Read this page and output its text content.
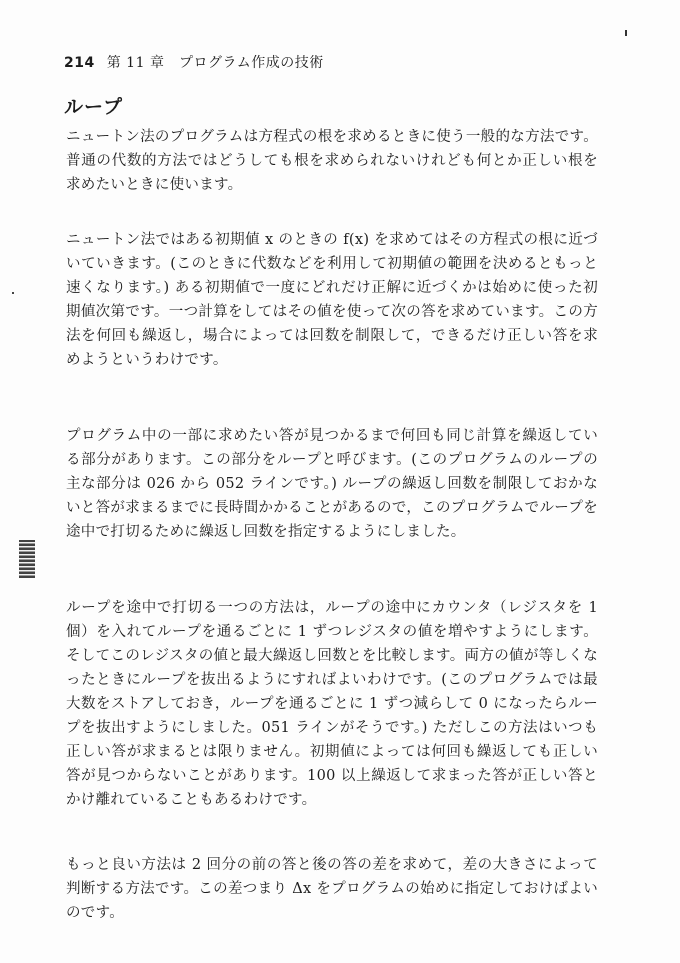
214 第 11 章　プログラム作成の技術
ループ

ニュートン法のプログラムは方程式の根を求めるときに使う一般的な方法です。普通の代数的方法ではどうしても根を求められないけれども何とか正しい根を求めたいときに使います。

ニュートン法ではある初期値 x のときの f(x) を求めてはその方程式の根に近づいていきます。(このときに代数などを利用して初期値の範囲を決めるともっと速くなります。) ある初期値で一度にどれだけ正解に近づくかは始めに使った初期値次第です。一つ計算をしてはその値を使って次の答を求めています。この方法を何回も繰返し，場合によっては回数を制限して，できるだけ正しい答を求めようというわけです。

プログラム中の一部に求めたい答が見つかるまで何回も同じ計算を繰返している部分があります。この部分をループと呼びます。(このプログラムのループの主な部分は 026 から 052 ラインです。) ループの繰返し回数を制限しておかないと答が求まるまでに長時間かかることがあるので，このプログラムでループを途中で打切るために繰返し回数を指定するようにしました。

ループを途中で打切る一つの方法は，ループの途中にカウンタ（レジスタを 1 個）を入れてループを通るごとに 1 ずつレジスタの値を増やすようにします。そしてこのレジスタの値と最大繰返し回数とを比較します。両方の値が等しくなったときにループを抜出るようにすればよいわけです。(このプログラムでは最大数をストアしておき，ループを通るごとに 1 ずつ減らして 0 になったらループを抜出すようにしました。051 ラインがそうです。) ただしこの方法はいつも正しい答が求まるとは限りません。初期値によっては何回も繰返しても正しい答が見つからないことがあります。100 以上繰返して求まった答が正しい答とかけ離れていることもあるわけです。

もっと良い方法は 2 回分の前の答と後の答の差を求めて，差の大きさによって判断する方法です。この差つまり Δx をプログラムの始めに指定しておけばよいのです。
